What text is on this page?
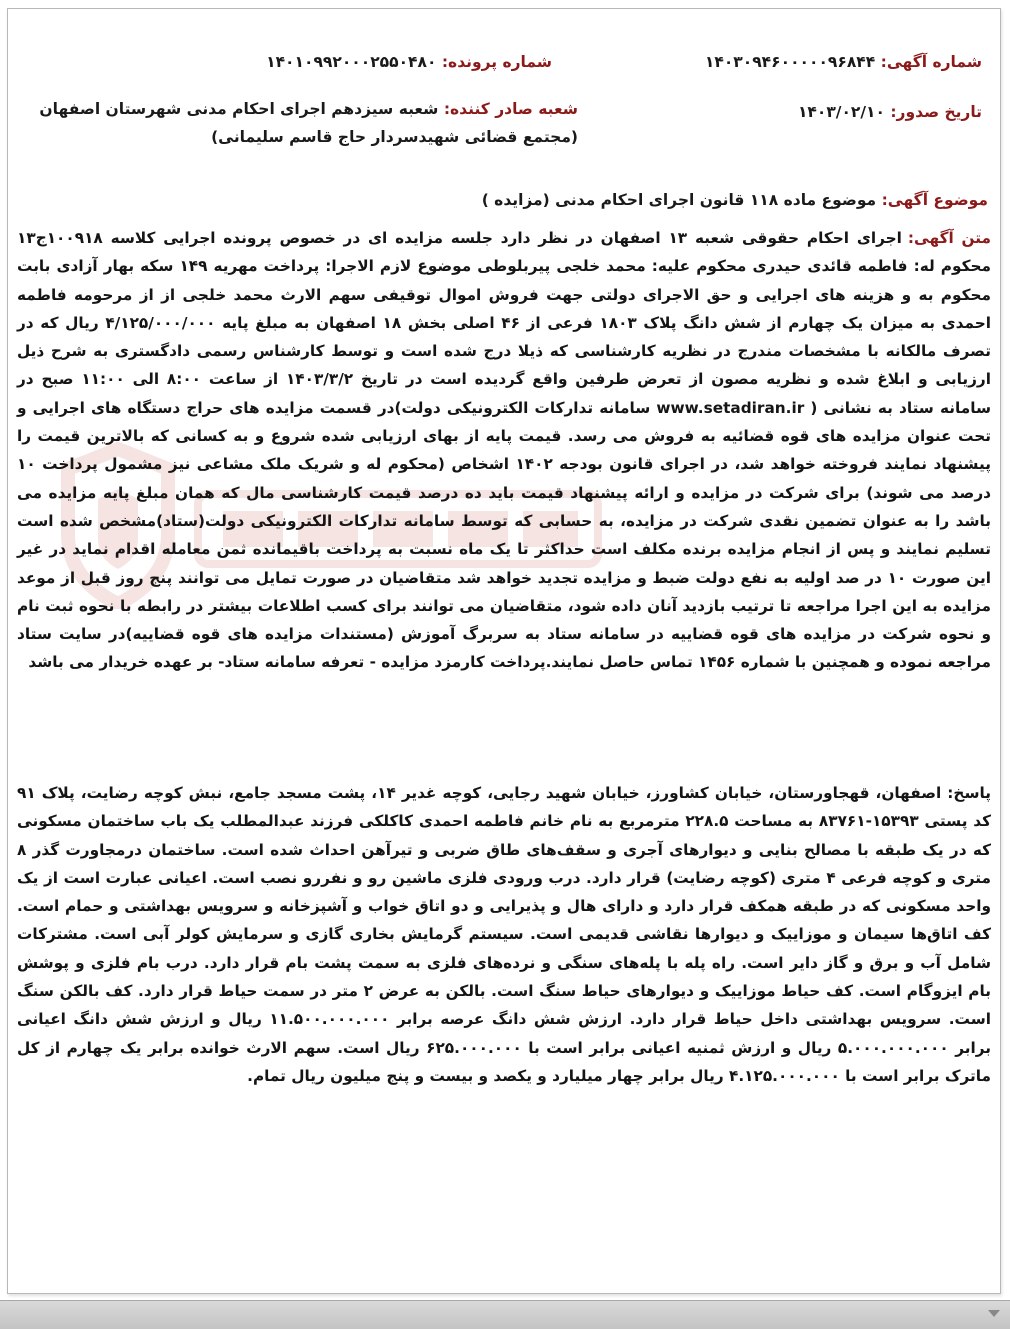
شماره آگهی: ۱۴۰۳۰۹۴۶۰۰۰۰۰۹۶۸۴۴
شماره پرونده: ۱۴۰۱۰۹۹۲۰۰۰۲۵۵۰۴۸۰
تاریخ صدور: ۱۴۰۳/۰۲/۱۰
شعبه صادر کننده: شعبه سیزدهم اجرای احکام مدنی شهرستان اصفهان (مجتمع قضائی شهیدسردار حاج قاسم سلیمانی)
موضوع آگهی: موضوع ماده ۱۱۸ قانون اجرای احکام مدنی (مزایده )
متن آگهی:اجرای احکام حقوقی شعبه ۱۳ اصفهان در نظر دارد جلسه مزایده ای در خصوص پرونده اجرایی کلاسه ۱۰۰۹۱۸ج۱۳ محکوم له: فاطمه قائدی حیدری محکوم علیه: محمد خلجی پیربلوطی موضوع لازم الاجرا: پرداخت مهریه ۱۴۹ سکه بهار آزادی بابت محکوم به و هزینه های اجرایی و حق الاجرای دولتی جهت فروش اموال توقیفی سهم الارث محمد خلجی از از مرحومه فاطمه احمدی به میزان یک چهارم از شش دانگ پلاک ۱۸۰۳ فرعی از ۴۶ اصلی بخش ۱۸ اصفهان به مبلغ پایه ۴/۱۲۵/۰۰۰/۰۰۰ ریال که در تصرف مالکانه با مشخصات مندرج در نظریه کارشناسی که ذیلا درج شده است و توسط کارشناس رسمی دادگستری به شرح ذیل ارزیابی و ابلاغ شده و نظریه مصون از تعرض طرفین واقع گردیده است در تاریخ ۱۴۰۳/۳/۲ از ساعت ۸:۰۰ الی ۱۱:۰۰ صبح در سامانه ستاد به نشانی ( www.setadiran.ir سامانه تدارکات الکترونیکی دولت)در قسمت مزایده های حراج دستگاه های اجرایی و تحت عنوان مزایده های قوه قضائیه به فروش می رسد. قیمت پایه از بهای ارزیابی شده شروع و به کسانی که بالاترین قیمت را پیشنهاد نمایند فروخته خواهد شد، در اجرای قانون بودجه ۱۴۰۲ اشخاص (محکوم له و شریک ملک مشاعی نیز مشمول پرداخت ۱۰ درصد می شوند) برای شرکت در مزایده و ارائه پیشنهاد قیمت باید ده درصد قیمت کارشناسی مال که همان مبلغ پایه مزایده می باشد را به عنوان تضمین نقدی شرکت در مزایده، به حسابی که توسط سامانه تدارکات الکترونیکی دولت(ستاد)مشخص شده است تسلیم نمایند و پس از انجام مزایده برنده مکلف است حداکثر تا یک ماه نسبت به پرداخت باقیمانده ثمن معامله اقدام نماید در غیر این صورت ۱۰ در صد اولیه به نفع دولت ضبط و مزایده تجدید خواهد شد متقاضیان در صورت تمایل می توانند پنج روز قبل از موعد مزایده به این اجرا مراجعه تا ترتیب بازدید آنان داده شود، متقاضیان می توانند برای کسب اطلاعات بیشتر در رابطه با نحوه ثبت نام و نحوه شرکت در مزایده های قوه قضاییه در سامانه ستاد به سربرگ آموزش (مستندات مزایده های قوه قضاییه)در سایت ستاد مراجعه نموده و همچنین با شماره ۱۴۵۶ تماس حاصل نمایند.پرداخت کارمزد مزایده - تعرفه سامانه ستاد- بر عهده خریدار می باشد
پاسخ: اصفهان، قهجاورستان، خیابان کشاورز، خیابان شهید رجایی، کوچه غدیر ۱۴، پشت مسجد جامع، نبش کوچه رضایت، پلاک ۹۱ کد پستی ۱۵۳۹۳-۸۳۷۶۱ به مساحت ۲۲۸.۵ مترمربع به نام خانم فاطمه احمدی کاکلکی فرزند عبدالمطلب یک باب ساختمان مسکونی که در یک طبقه با مصالح بنایی و دیوارهای آجری و سقف‌های طاق ضربی و تیرآهن احداث شده است. ساختمان درمجاورت گذر ۸ متری و کوچه فرعی ۴ متری (کوچه رضایت) قرار دارد. درب ورودی فلزی ماشین رو و نفررو نصب است. اعیانی عبارت است از یک واحد مسکونی که در طبقه همکف قرار دارد و دارای هال و پذیرایی و دو اتاق خواب و آشپزخانه و سرویس بهداشتی و حمام است. کف اتاق‌ها سیمان و موزاییک و دیوارها نقاشی قدیمی است. سیستم گرمایش بخاری گازی و سرمایش کولر آبی است. مشترکات شامل آب و برق و گاز دایر است. راه پله با پله‌های سنگی و نرده‌های فلزی به سمت پشت بام قرار دارد. درب بام فلزی و پوشش بام ایزوگام است. کف حیاط موزاییک و دیوارهای حیاط سنگ است. بالکن به عرض ۲ متر در سمت حیاط قرار دارد. کف بالکن سنگ است. سرویس بهداشتی داخل حیاط قرار دارد. ارزش شش دانگ عرصه برابر ۱۱.۵۰۰.۰۰۰.۰۰۰ ریال و ارزش شش دانگ اعیانی برابر ۵.۰۰۰.۰۰۰.۰۰۰ ریال و ارزش ثمنیه اعیانی برابر است با ۶۲۵.۰۰۰.۰۰۰ ریال است. سهم الارث خوانده برابر یک چهارم از کل ماترک برابر است با ۴.۱۲۵.۰۰۰.۰۰۰ ریال برابر چهار میلیارد و یکصد و بیست و پنج میلیون ریال تمام.
